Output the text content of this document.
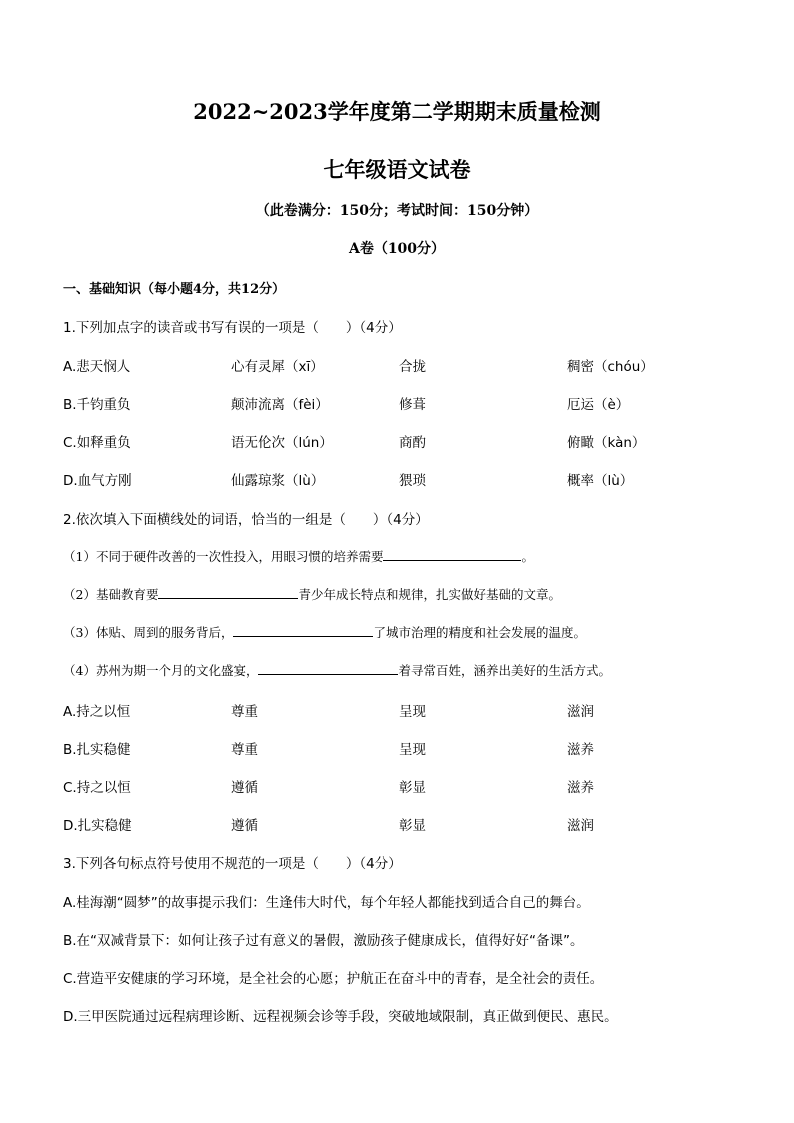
2022~2023学年度第二学期期末质量检测
七年级语文试卷
（此卷满分：150分；考试时间：150分钟）
A卷（100分）
一、基础知识（每小题4分，共12分）
1.下列加点字的读音或书写有误的一项是（　　）（4分）
A.悲天悯人	心有灵犀（xī）	合拢	稠密（chóu）
B.千钧重负	颠沛流离（fèi）	修葺	厄运（è）
C.如释重负	语无伦次（lún）	商酌	俯瞰（kàn）
D.血气方刚	仙露琼浆（lù）	猥琐	概率（lù）
2.依次填入下面横线处的词语，恰当的一组是（　　）（4分）
（1）不同于硬件改善的一次性投入，用眼习惯的培养需要	。
（2）基础教育要	青少年成长特点和规律，扎实做好基础的文章。
（3）体贴、周到的服务背后，	了城市治理的精度和社会发展的温度。
（4）苏州为期一个月的文化盛宴，	着寻常百姓，涵养出美好的生活方式。
A.持之以恒	尊重	呈现	滋润
B.扎实稳健	尊重	呈现	滋养
C.持之以恒	遵循	彰显	滋养
D.扎实稳健	遵循	彰显	滋润
3.下列各句标点符号使用不规范的一项是（　　）（4分）
A.桂海潮“圆梦”的故事提示我们：生逢伟大时代，每个年轻人都能找到适合自己的舞台。
B.在“双减背景下：如何让孩子过有意义的暑假，激励孩子健康成长，值得好好“备课”。
C.营造平安健康的学习环境，是全社会的心愿；护航正在奋斗中的青春，是全社会的责任。
D.三甲医院通过远程病理诊断、远程视频会诊等手段，突破地域限制，真正做到便民、惠民。
